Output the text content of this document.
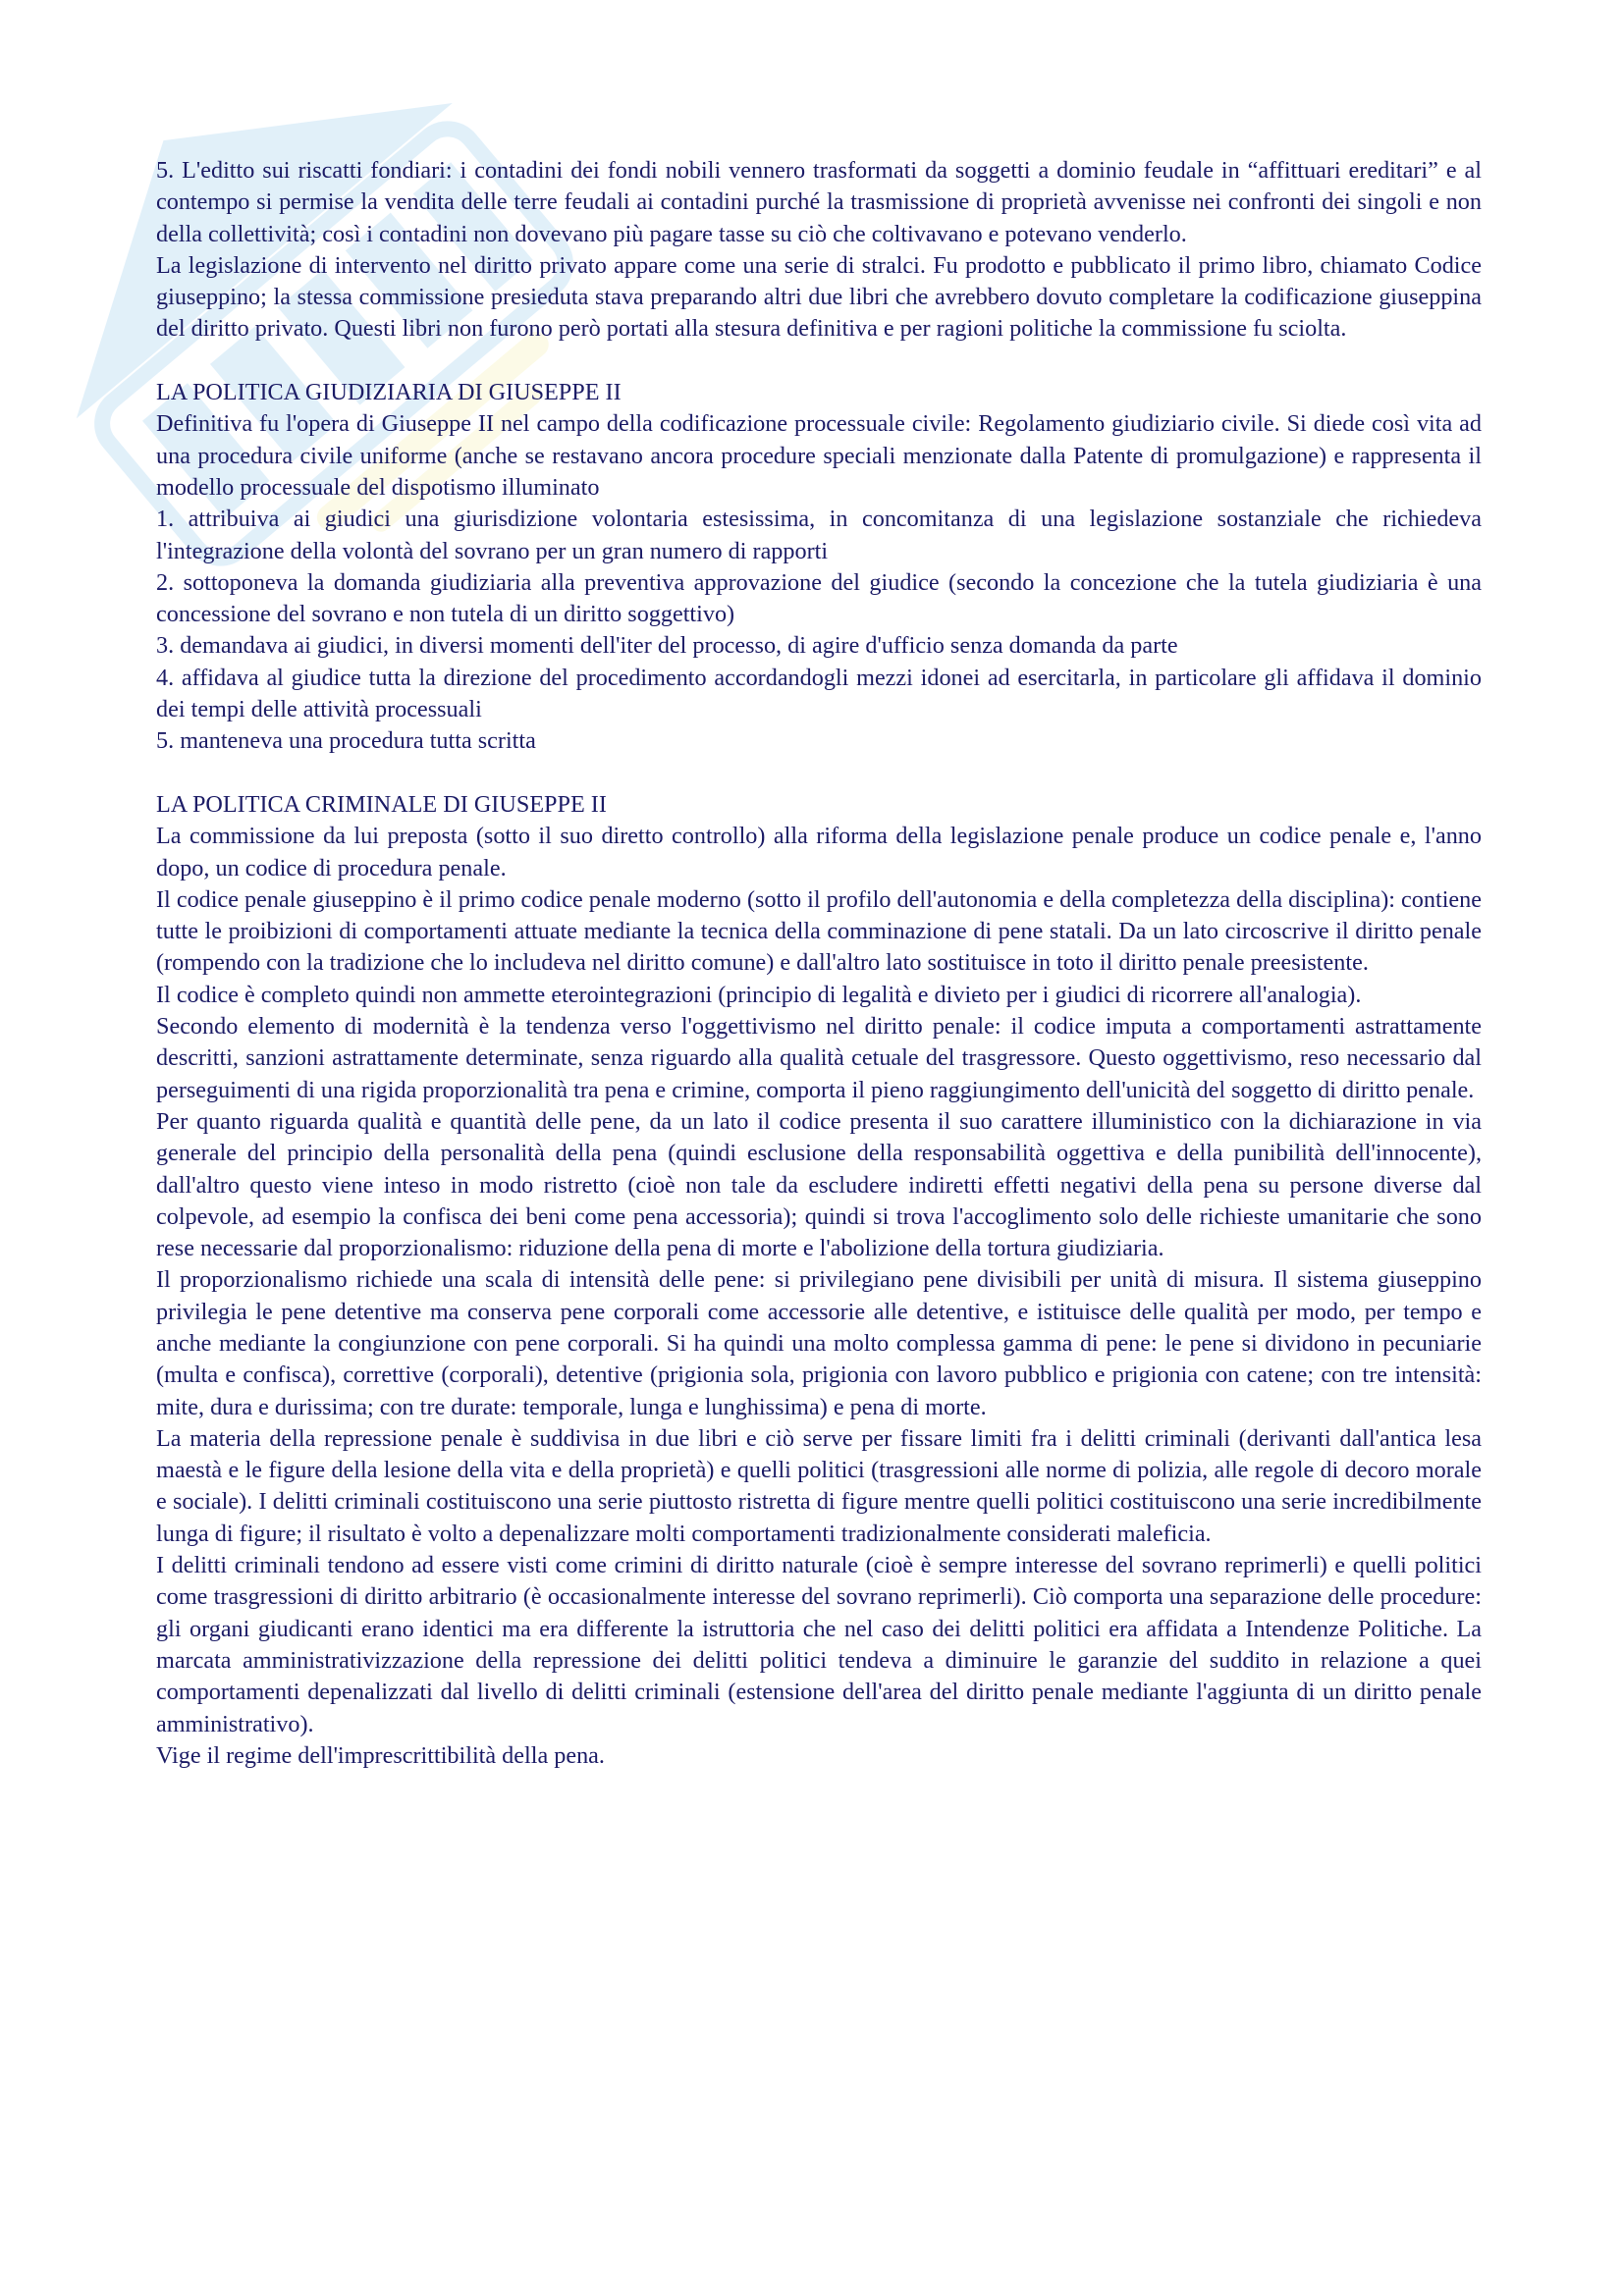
5. L'editto sui riscatti fondiari: i contadini dei fondi nobili vennero trasformati da soggetti a dominio feudale in “affittuari ereditari” e al contempo si permise la vendita delle terre feudali ai contadini purché la trasmissione di proprietà avvenisse nei confronti dei singoli e non della collettività; così i contadini non dovevano più pagare tasse su ciò che coltivavano e potevano venderlo.

La legislazione di intervento nel diritto privato appare come una serie di stralci. Fu prodotto e pubblicato il primo libro, chiamato Codice giuseppino; la stessa commissione presieduta stava preparando altri due libri che avrebbero dovuto completare la codificazione giuseppina del diritto privato. Questi libri non furono però portati alla stesura definitiva e per ragioni politiche la commissione fu sciolta.

LA POLITICA GIUDIZIARIA DI GIUSEPPE II

Definitiva fu l'opera di Giuseppe II nel campo della codificazione processuale civile: Regolamento giudiziario civile. Si diede così vita ad una procedura civile uniforme (anche se restavano ancora procedure speciali menzionate dalla Patente di promulgazione) e rappresenta il modello processuale del dispotismo illuminato

1. attribuiva ai giudici una giurisdizione volontaria estesissima, in concomitanza di una legislazione sostanziale che richiedeva l'integrazione della volontà del sovrano per un gran numero di rapporti

2. sottoponeva la domanda giudiziaria alla preventiva approvazione del giudice (secondo la concezione che la tutela giudiziaria è una concessione del sovrano e non tutela di un diritto soggettivo)

3. demandava ai giudici, in diversi momenti dell'iter del processo, di agire d'ufficio senza domanda da parte

4. affidava al giudice tutta la direzione del procedimento accordandogli mezzi idonei ad esercitarla, in particolare gli affidava il dominio dei tempi delle attività processuali

5. manteneva una procedura tutta scritta

LA POLITICA CRIMINALE DI GIUSEPPE II

La commissione da lui preposta (sotto il suo diretto controllo) alla riforma della legislazione penale produce un codice penale e, l'anno dopo, un codice di procedura penale.

Il codice penale giuseppino è il primo codice penale moderno (sotto il profilo dell'autonomia e della completezza della disciplina): contiene tutte le proibizioni di comportamenti attuate mediante la tecnica della comminazione di pene statali. Da un lato circoscrive il diritto penale (rompendo con la tradizione che lo includeva nel diritto comune) e dall'altro lato sostituisce in toto il diritto penale preesistente.

Il codice è completo quindi non ammette eterointegrazioni (principio di legalità e divieto per i giudici di ricorrere all'analogia).

Secondo elemento di modernità è la tendenza verso l'oggettivismo nel diritto penale: il codice imputa a comportamenti astrattamente descritti, sanzioni astrattamente determinate, senza riguardo alla qualità cetuale del trasgressore. Questo oggettivismo, reso necessario dal perseguimenti di una rigida proporzionalità tra pena e crimine, comporta il pieno raggiungimento dell'unicità del soggetto di diritto penale.

Per quanto riguarda qualità e quantità delle pene, da un lato il codice presenta il suo carattere illuministico con la dichiarazione in via generale del principio della personalità della pena (quindi esclusione della responsabilità oggettiva e della punibilità dell'innocente), dall'altro questo viene inteso in modo ristretto (cioè non tale da escludere indiretti effetti negativi della pena su persone diverse dal colpevole, ad esempio la confisca dei beni come pena accessoria); quindi si trova l'accoglimento solo delle richieste umanitarie che sono rese necessarie dal proporzionalismo: riduzione della pena di morte e l'abolizione della tortura giudiziaria.

Il proporzionalismo richiede una scala di intensità delle pene: si privilegiano pene divisibili per unità di misura. Il sistema giuseppino privilegia le pene detentive ma conserva pene corporali come accessorie alle detentive, e istituisce delle qualità per modo, per tempo e anche mediante la congiunzione con pene corporali. Si ha quindi una molto complessa gamma di pene: le pene si dividono in pecuniarie (multa e confisca), correttive (corporali), detentive (prigionia sola, prigionia con lavoro pubblico e prigionia con catene; con tre intensità: mite, dura e durissima; con tre durate: temporale, lunga e lunghissima) e pena di morte.

La materia della repressione penale è suddivisa in due libri e ciò serve per fissare limiti fra i delitti criminali (derivanti dall'antica lesa maestà e le figure della lesione della vita e della proprietà) e quelli politici (trasgressioni alle norme di polizia, alle regole di decoro morale e sociale). I delitti criminali costituiscono una serie piuttosto ristretta di figure mentre quelli politici costituiscono una serie incredibilmente lunga di figure; il risultato è volto a depenalizzare molti comportamenti tradizionalmente considerati maleficia.

I delitti criminali tendono ad essere visti come crimini di diritto naturale (cioè è sempre interesse del sovrano reprimerli) e quelli politici come trasgressioni di diritto arbitrario (è occasionalmente interesse del sovrano reprimerli). Ciò comporta una separazione delle procedure: gli organi giudicanti erano identici ma era differente la istruttoria che nel caso dei delitti politici era affidata a Intendenze Politiche. La marcata amministrativizzazione della repressione dei delitti politici tendeva a diminuire le garanzie del suddito in relazione a quei comportamenti depenalizzati dal livello di delitti criminali (estensione dell'area del diritto penale mediante l'aggiunta di un diritto penale amministrativo).

Vige il regime dell'imprescrittibilità della pena.
